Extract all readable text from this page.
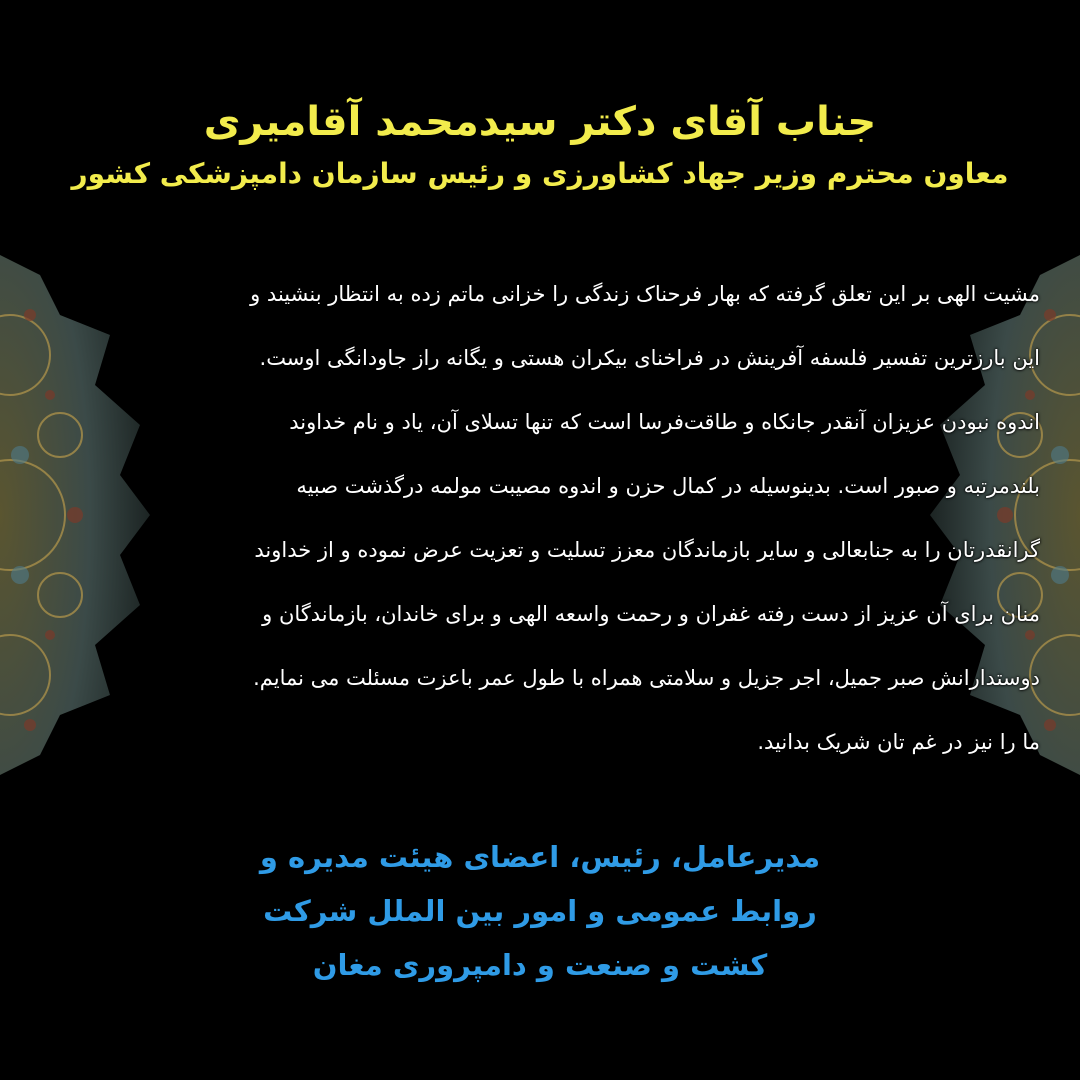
جناب آقای دکتر سیدمحمد آقامیری

معاون محترم وزیر جهاد کشاورزی و رئیس سازمان دامپزشکی کشور

مشیت الهی بر این تعلق گرفته که بهار فرحناک زندگی را خزانی ماتم زده به انتظار بنشیند و
این بارزترین تفسیر فلسفه آفرینش در فراخنای بیکران هستی و یگانه راز جاودانگی اوست.
اندوه نبودن عزیزان آنقدر جانکاه و طاقت‌فرسا است که تنها تسلای آن، یاد و نام خداوند
بلندمرتبه و صبور است. بدینوسیله در کمال حزن و اندوه مصیبت مولمه درگذشت صبیه
گرانقدرتان را به جنابعالی و سایر بازماندگان معزز تسلیت و تعزیت عرض نموده و از خداوند
منان برای آن عزیز از دست رفته غفران و رحمت واسعه الهی و برای خاندان، بازماندگان و
دوستدارانش صبر جمیل، اجر جزیل و سلامتی همراه با طول عمر باعزت مسئلت می نمایم.
ما را نیز در غم تان شریک بدانید.
مدیرعامل، رئیس، اعضای هیئت مدیره و
روابط عمومی و امور بین الملل شرکت
کشت و صنعت و دامپروری مغان
